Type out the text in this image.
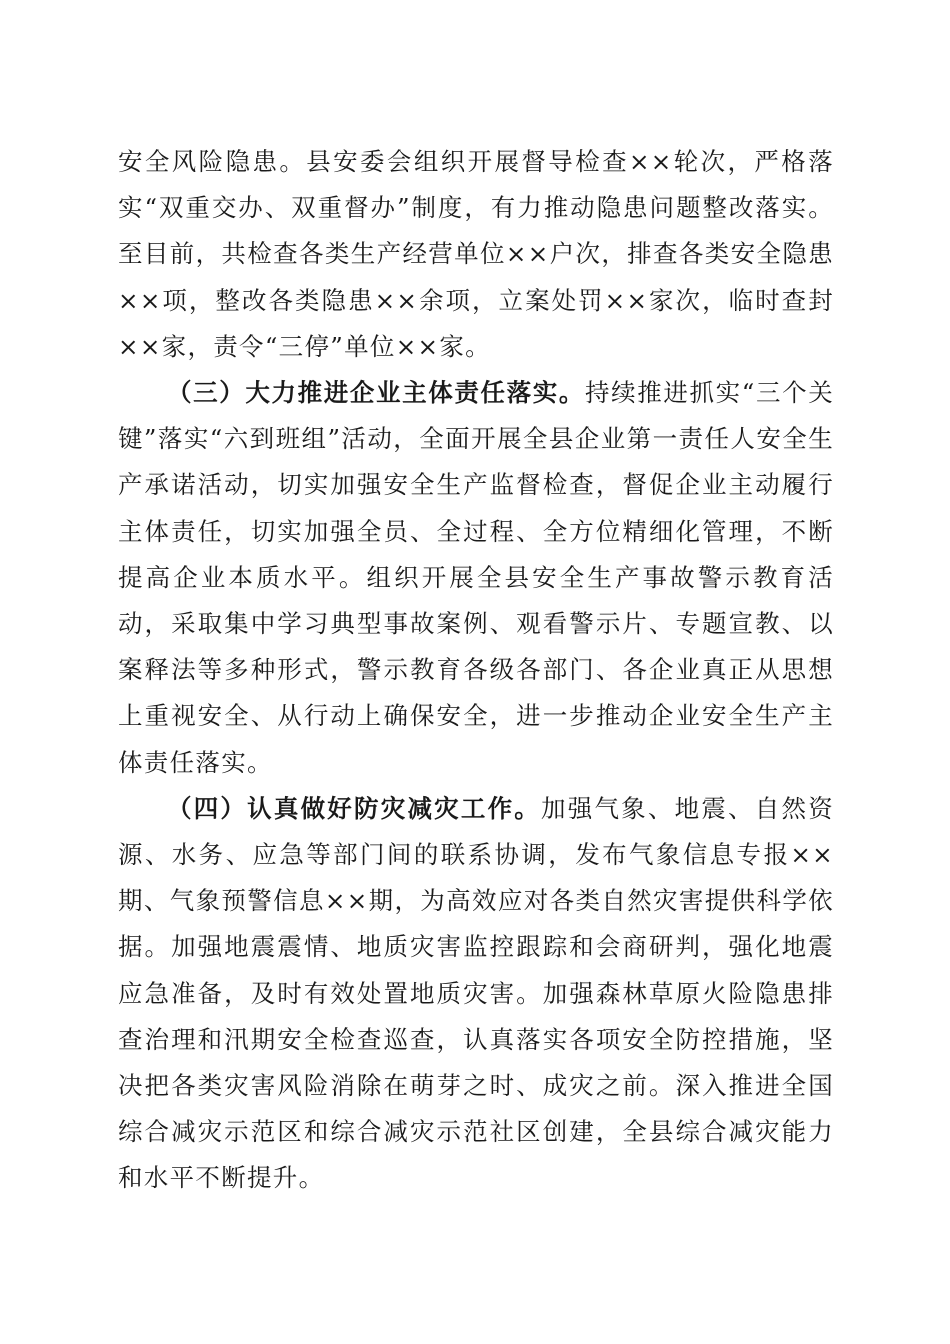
安全风险隐患。县安委会组织开展督导检查××轮次，严格落实“双重交办、双重督办”制度，有力推动隐患问题整改落实。至目前，共检查各类生产经营单位××户次，排查各类安全隐患××项，整改各类隐患××余项，立案处罚××家次，临时查封××家，责令“三停”单位××家。

（三）大力推进企业主体责任落实。持续推进抓实“三个关键”落实“六到班组”活动，全面开展全县企业第一责任人安全生产承诺活动，切实加强安全生产监督检查，督促企业主动履行主体责任，切实加强全员、全过程、全方位精细化管理，不断提高企业本质水平。组织开展全县安全生产事故警示教育活动，采取集中学习典型事故案例、观看警示片、专题宣教、以案释法等多种形式，警示教育各级各部门、各企业真正从思想上重视安全、从行动上确保安全，进一步推动企业安全生产主体责任落实。

（四）认真做好防灾减灾工作。加强气象、地震、自然资源、水务、应急等部门间的联系协调，发布气象信息专报××期、气象预警信息××期，为高效应对各类自然灾害提供科学依据。加强地震震情、地质灾害监控跟踪和会商研判，强化地震应急准备，及时有效处置地质灾害。加强森林草原火险隐患排查治理和汛期安全检查巡查，认真落实各项安全防控措施，坚决把各类灾害风险消除在萌芽之时、成灾之前。深入推进全国综合减灾示范区和综合减灾示范社区创建，全县综合减灾能力和水平不断提升。
